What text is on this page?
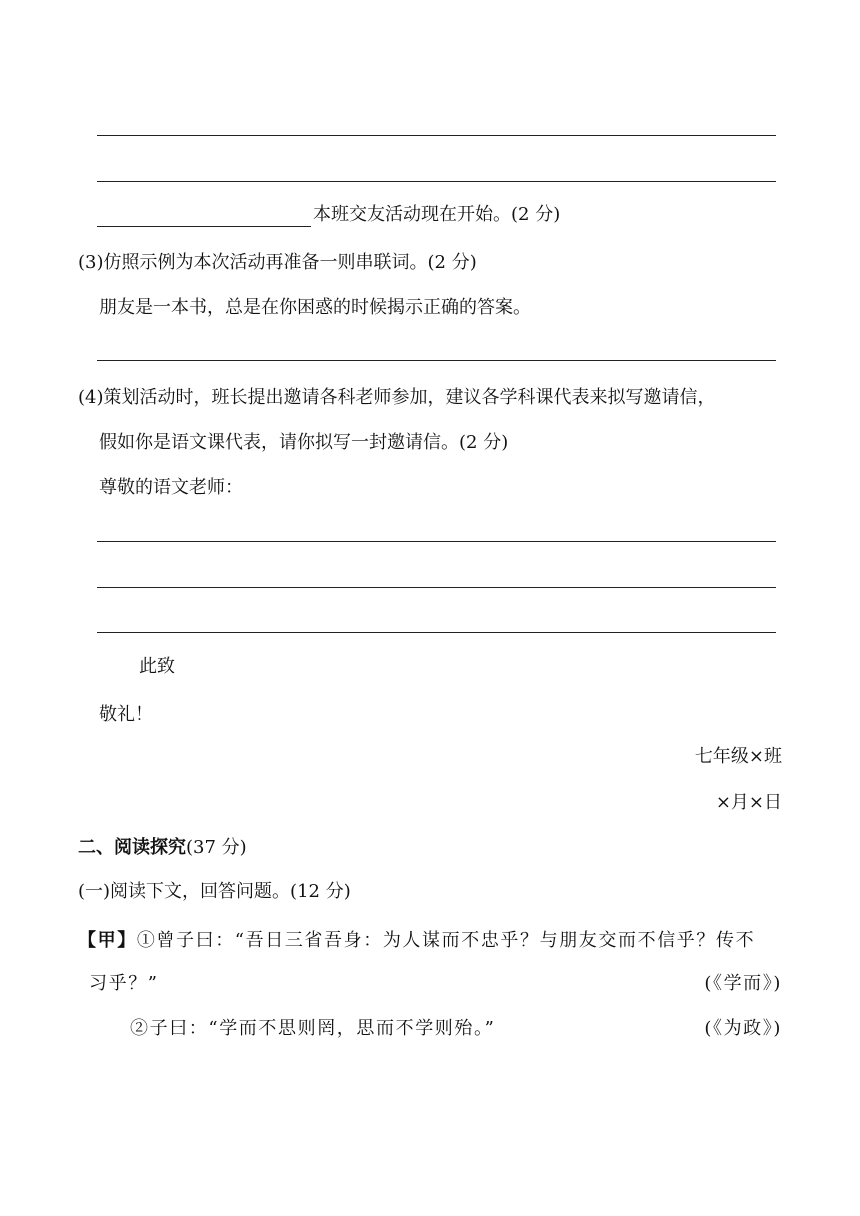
本班交友活动现在开始。(2 分)
(3)仿照示例为本次活动再准备一则串联词。(2 分)
朋友是一本书，总是在你困惑的时候揭示正确的答案。
(4)策划活动时，班长提出邀请各科老师参加，建议各学科课代表来拟写邀请信，
假如你是语文课代表，请你拟写一封邀请信。(2 分)
尊敬的语文老师：
此致
敬礼！
七年级×班
×月×日
二、阅读探究(37 分)
(一)阅读下文，回答问题。(12 分)
【甲】①曾子曰：“吾日三省吾身：为人谋而不忠乎？与朋友交而不信乎？传不
习乎？”	(《学而》)
②子曰：“学而不思则罔，思而不学则殆。”	(《为政》)
